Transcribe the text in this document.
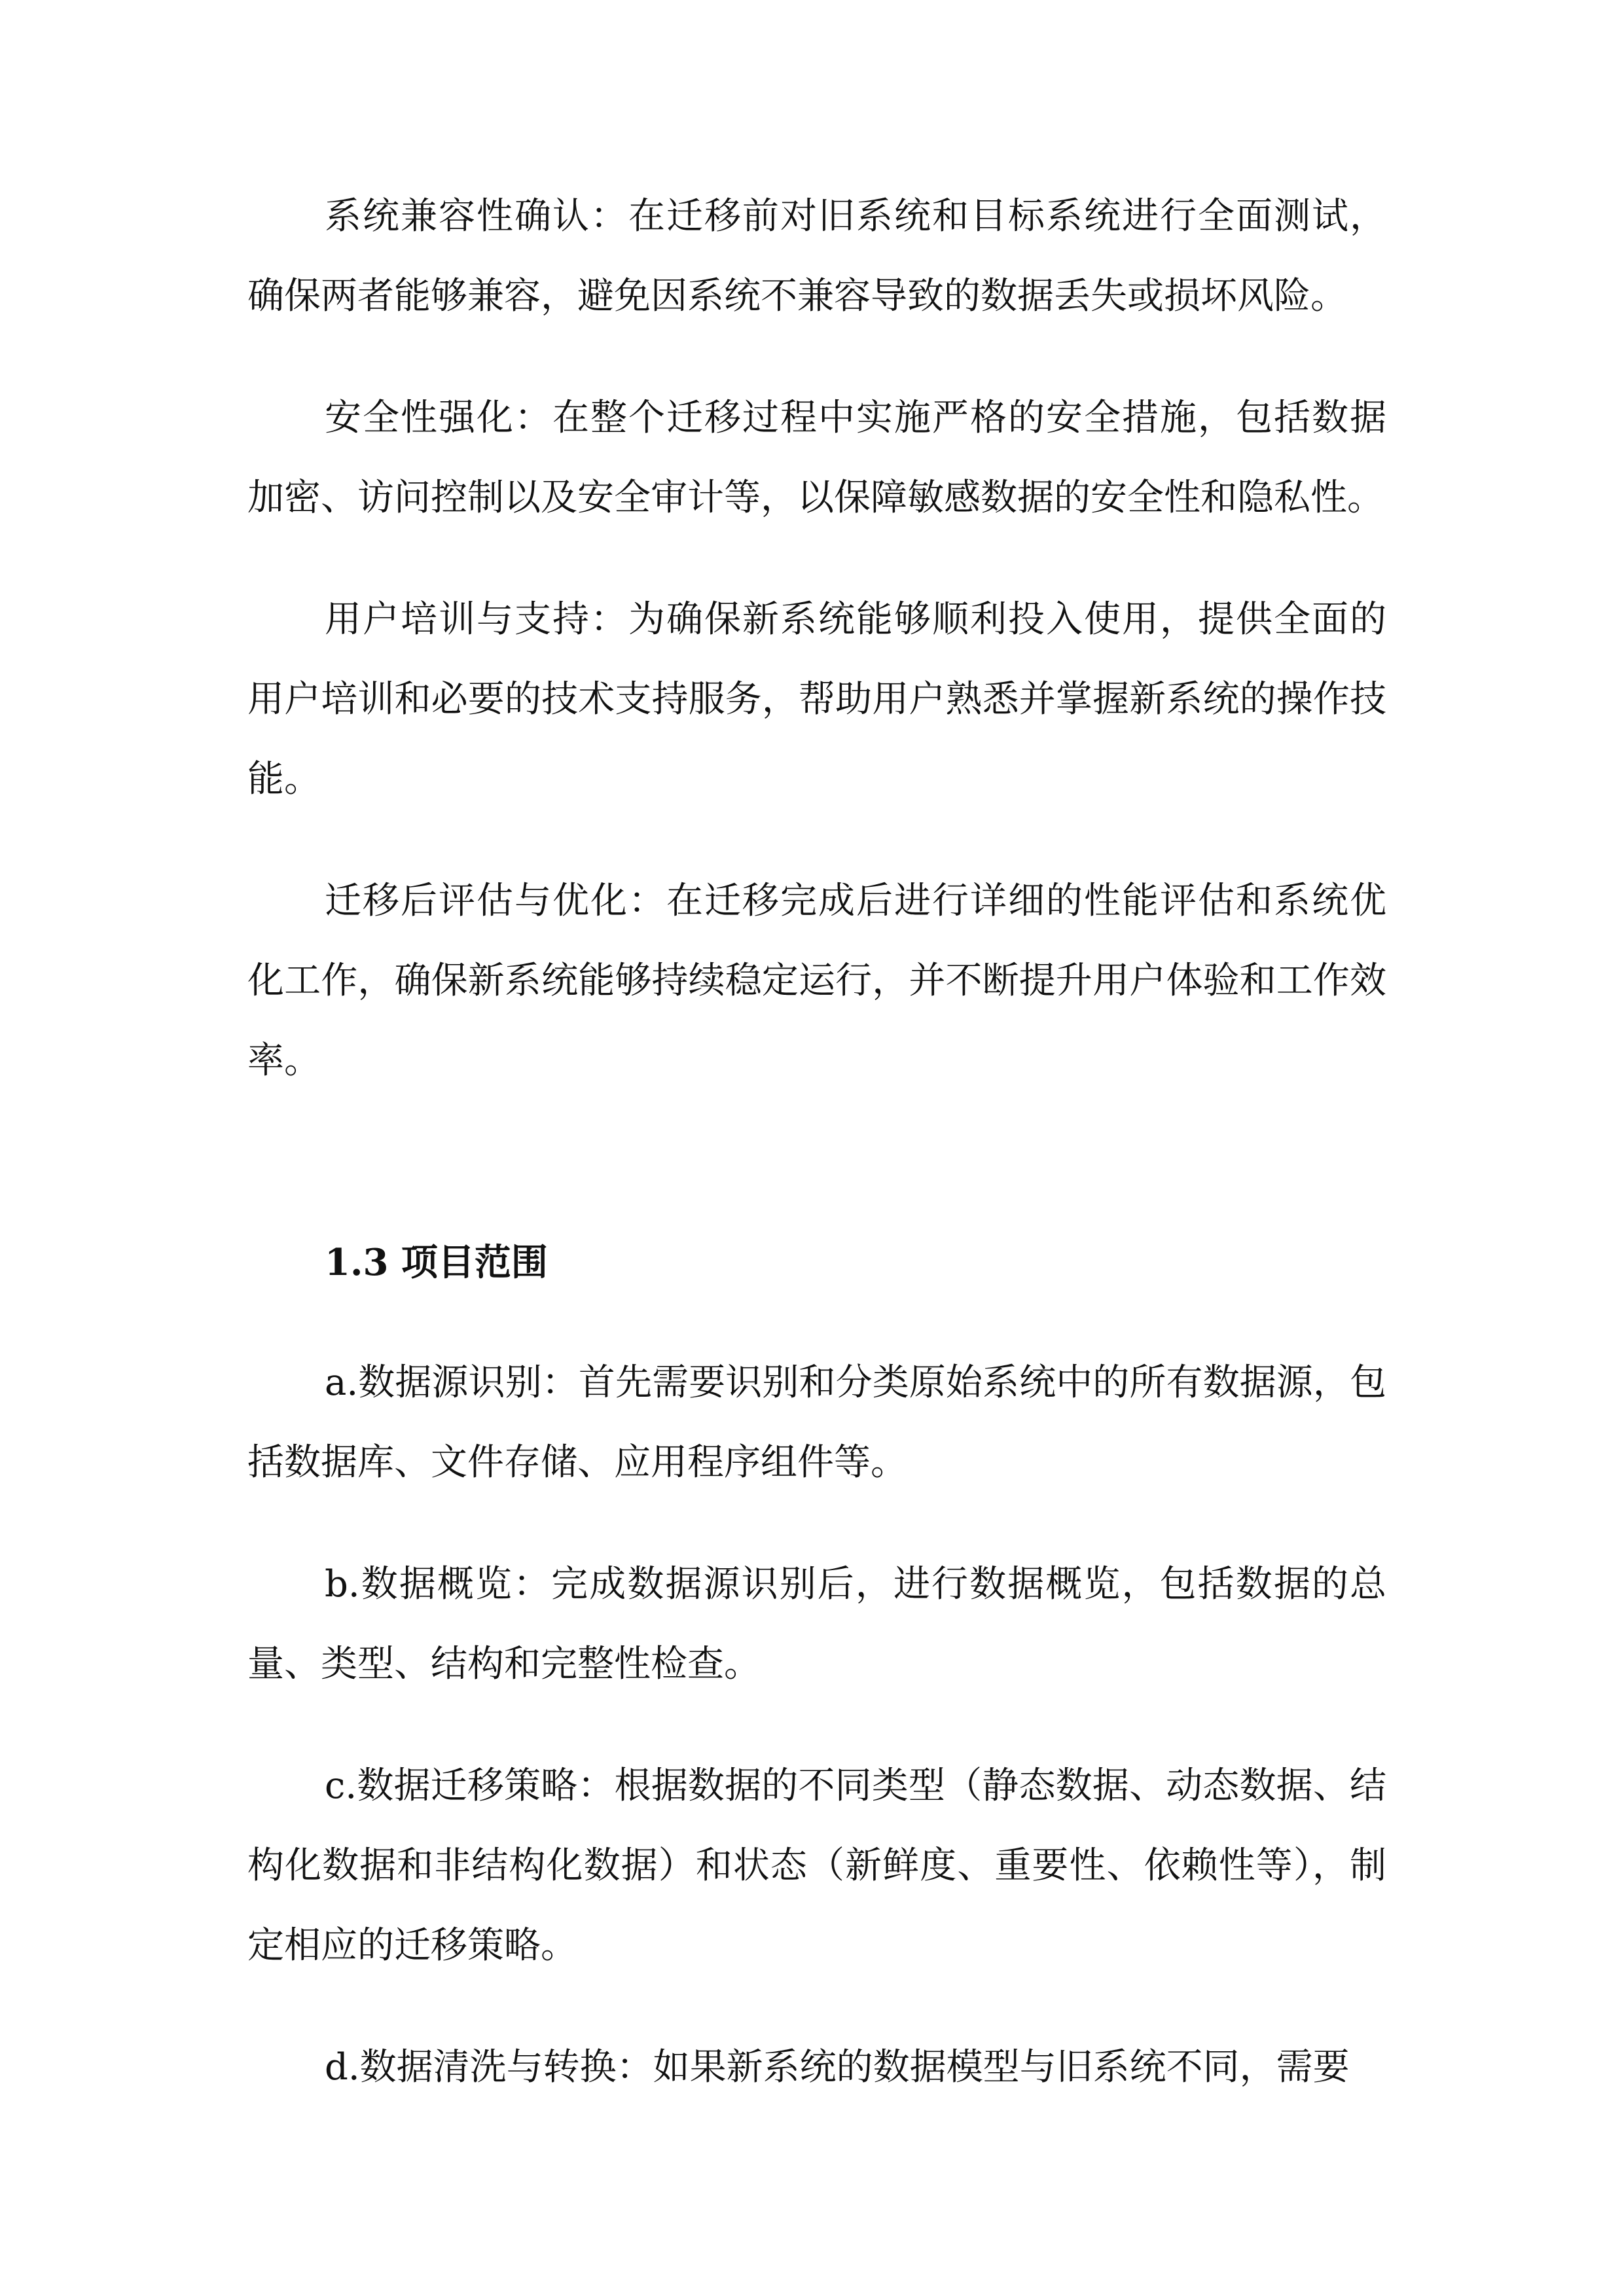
系统兼容性确认：在迁移前对旧系统和目标系统进行全面测试，确保两者能够兼容，避免因系统不兼容导致的数据丢失或损坏风险。

安全性强化：在整个迁移过程中实施严格的安全措施，包括数据加密、访问控制以及安全审计等，以保障敏感数据的安全性和隐私性。

用户培训与支持：为确保新系统能够顺利投入使用，提供全面的用户培训和必要的技术支持服务，帮助用户熟悉并掌握新系统的操作技能。

迁移后评估与优化：在迁移完成后进行详细的性能评估和系统优化工作，确保新系统能够持续稳定运行，并不断提升用户体验和工作效率。

1.3 项目范围

a.数据源识别：首先需要识别和分类原始系统中的所有数据源，包括数据库、文件存储、应用程序组件等。

b.数据概览：完成数据源识别后，进行数据概览，包括数据的总量、类型、结构和完整性检查。

c.数据迁移策略：根据数据的不同类型（静态数据、动态数据、结构化数据和非结构化数据）和状态（新鲜度、重要性、依赖性等），制定相应的迁移策略。

d.数据清洗与转换：如果新系统的数据模型与旧系统不同，需要
